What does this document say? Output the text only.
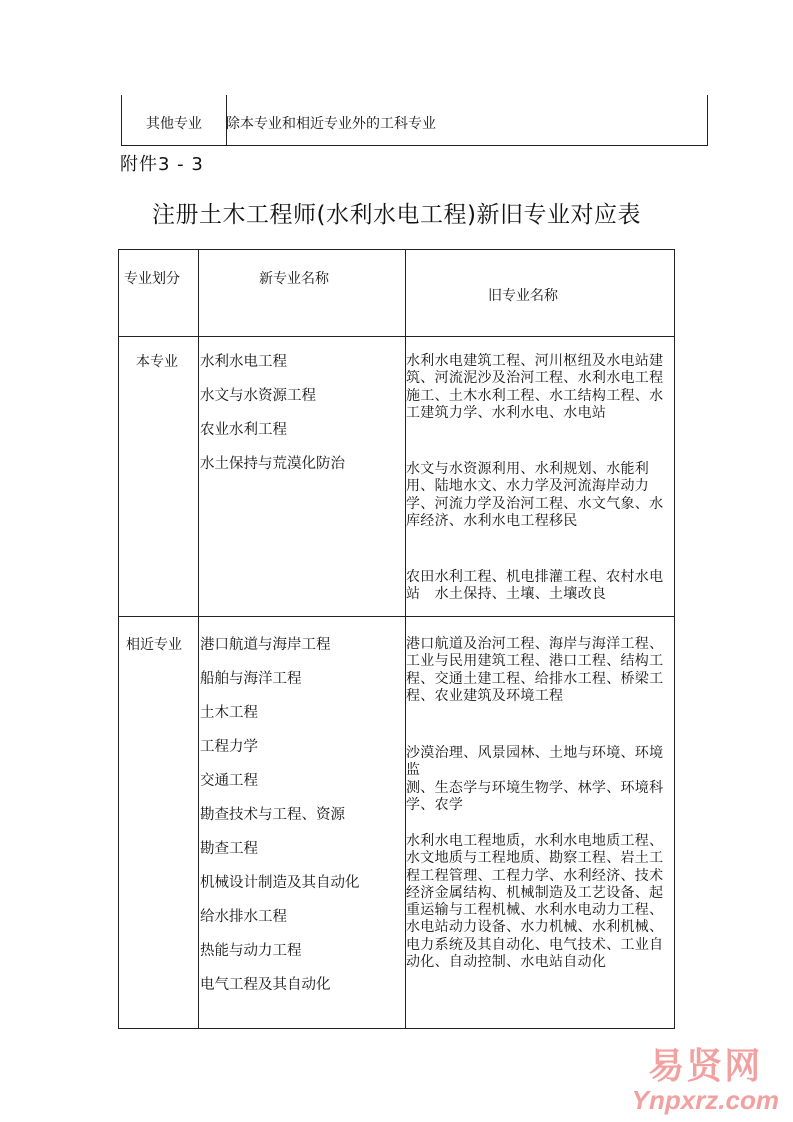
其他专业 除本专业和相近专业外的工科专业
附件3 - 3
注册土木工程师(水利水电工程)新旧专业对应表
专业划分	新专业名称
旧专业名称
本专业 水利水电工程
水文与水资源工程
农业水利工程
水土保持与荒漠化防治
水利水电建筑工程、河川枢纽及水电站建筑、河流泥沙及治河工程、水利水电工程施工、土木水利工程、水工结构工程、水工建筑力学、水利水电、水电站
水文与水资源利用、水利规划、水能利用、陆地水文、水力学及河流海岸动力学、河流力学及治河工程、水文气象、水库经济、水利水电工程移民
农田水利工程、机电排灌工程、农村水电站　水土保持、土壤、土壤改良
相近专业 港口航道与海岸工程
船舶与海洋工程
土木工程
工程力学
交通工程
勘查技术与工程、资源
勘查工程
机械设计制造及其自动化
给水排水工程
热能与动力工程
电气工程及其自动化
港口航道及治河工程、海岸与海洋工程、工业与民用建筑工程、港口工程、结构工程、交通土建工程、给排水工程、桥梁工程、农业建筑及环境工程
沙漠治理、风景园林、土地与环境、环境监
测、生态学与环境生物学、林学、环境科学、农学
水利水电工程地质，水利水电地质工程、水文地质与工程地质、勘察工程、岩土工程工程管理、工程力学、水利经济、技术经济金属结构、机械制造及工艺设备、起重运输与工程机械、水利水电动力工程、水电站动力设备、水力机械、水利机械、电力系统及其自动化、电气技术、工业自动化、自动控制、水电站自动化
易贤网
Ynpxrz.com
